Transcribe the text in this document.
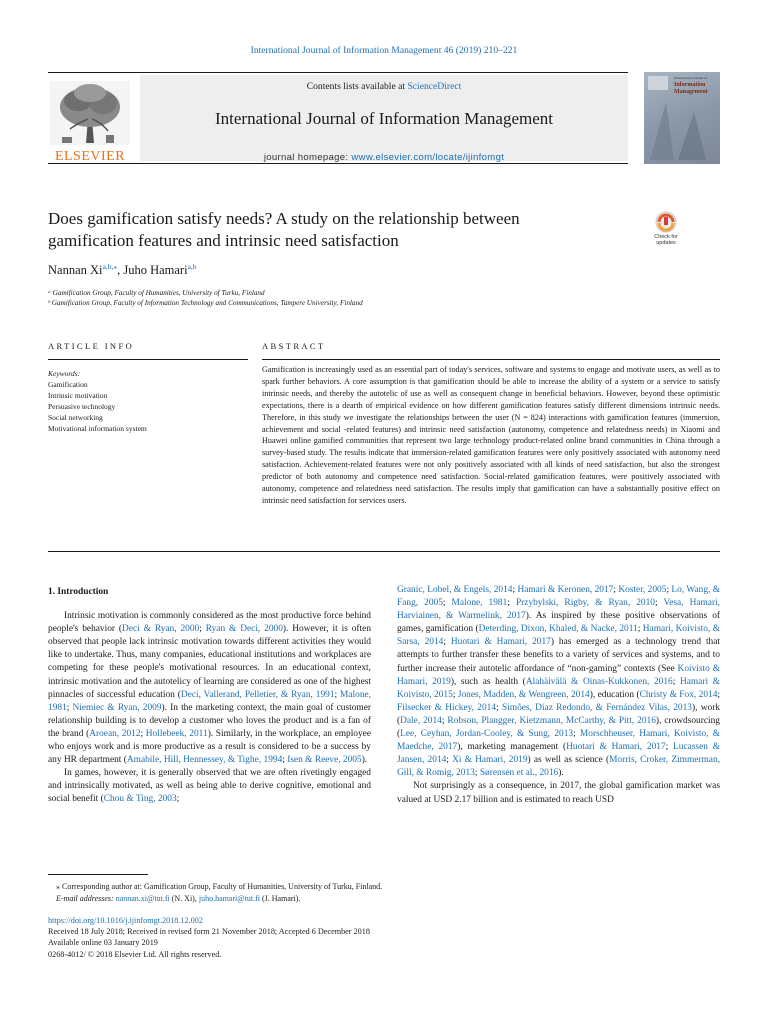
International Journal of Information Management 46 (2019) 210–221
ELSEVIER
Contents lists available at ScienceDirect
International Journal of Information Management
journal homepage: www.elsevier.com/locate/ijinfomgt
International Journal of
Information Management
Does gamification satisfy needs? A study on the relationship between
gamification features and intrinsic need satisfaction	Check for
updates
Nannan $Xi^{a,b,⁎}$, Juho Hamari$^{a,b}$
ᵃ Gamification Group, Faculty of Humanities, University of Turku, Finland
ᵇ Gamification Group, Faculty of Information Technology and Communications, Tampere University, Finland
ARTICLE INFO	ABSTRACT
Keywords:
Gamification
Intrinsic motivation
Persuasive technology
Social networking
Motivational information system
Gamification is increasingly used as an essential part of today's services, software and systems to engage and motivate users, as well as to spark further behaviors. A core assumption is that gamification should be able to increase the ability of a system or a service to satisfy intrinsic needs, and thereby the autotelic of use as well as consequent change in beneficial behaviors. However, beyond these optimistic expectations, there is a dearth of empirical evidence on how different gamification features satisfy different dimensions intrinsic needs. Therefore, in this study we investigate the relationships between the user (N = 824) interactions with gamification features (immersion, achievement and social -related features) and intrinsic need satisfaction (autonomy, competence and relatedness needs) in Xiaomi and Huawei online gamified communities that represent two large technology product-related online brand communities in China through a survey-based study. The results indicate that immersion-related gamification features were only positively associated with autonomy need satisfaction. Achievement-related features were not only positively associated with all kinds of need satisfaction, but also the strongest predictor of both autonomy and competence need satisfaction. Social-related gamification features, were positively associated with autonomy, competence and relatedness need satisfaction. The results imply that gamification can have a substantially positive effect on intrinsic need satisfaction for services users.
1. Introduction

Intrinsic motivation is commonly considered as the most productive force behind people's behavior (Deci & Ryan, 2000; Ryan & Deci, 2000). However, it is often observed that people lack intrinsic motivation towards different activities they would like to undertake. Thus, many companies, educational institutions and workplaces are competing for these people's motivational resources. In an educational context, intrinsic motivation and the autotelicy of learning are considered as one of the highest pinnacles of successful education (Deci, Vallerand, Pelletier, & Ryan, 1991; Malone, 1981; Niemiec & Ryan, 2009). In the marketing context, the main goal of customer relationship building is to develop a customer who loves the product and is a fan of the brand (Aroean, 2012; Hollebeek, 2011). Similarly, in the workplace, an employee who enjoys work and is more productive as a result is considered to be a success by any HR department (Amabile, Hill, Hennessey, & Tighe, 1994; Isen & Reeve, 2005).

In games, however, it is generally observed that we are often rivetingly engaged and intrinsically motivated, as well as being able to derive cognitive, emotional and social benefit (Chou & Ting, 2003;

Granic, Lobel, & Engels, 2014; Hamari & Keronen, 2017; Koster, 2005; Lo, Wang, & Fang, 2005; Malone, 1981; Przybylski, Rigby, & Ryan, 2010; Vesa, Hamari, Harviainen, & Warmelink, 2017). As inspired by these positive observations of games, gamification (Deterding, Dixon, Khaled, & Nacke, 2011; Hamari, Koivisto, & Sarsa, 2014; Huotari & Hamari, 2017) has emerged as a technology trend that attempts to further transfer these benefits to a variety of services and systems, and to further increase their autotelic affordance of “non-gaming” contexts (See Koivisto & Hamari, 2019), such as health (Alahäivälä & Oinas-Kukkonen, 2016; Hamari & Koivisto, 2015; Jones, Madden, & Wengreen, 2014), education (Christy & Fox, 2014; Filsecker & Hickey, 2014; Simões, Díaz Redondo, & Fernández Vilas, 2013), work (Dale, 2014; Robson, Plangger, Kietzmann, McCarthy, & Pitt, 2016), crowdsourcing (Lee, Ceyhan, Jordan-Cooley, & Sung, 2013; Morschheuser, Hamari, Koivisto, & Maedche, 2017), marketing management (Huotari & Hamari, 2017; Lucassen & Jansen, 2014; Xi & Hamari, 2019) as well as science (Morris, Croker, Zimmerman, Gill, & Romig, 2013; Sørensen et al., 2016).

Not surprisingly as a consequence, in 2017, the global gamification market was valued at USD 2.17 billion and is estimated to reach USD

⁎ Corresponding author at: Gamification Group, Faculty of Humanities, University of Turku, Finland.
E-mail addresses: nannan.xi@tut.fi (N. Xi), juho.hamari@tut.fi (J. Hamari).
https://doi.org/10.1016/j.ijinfomgt.2018.12.002
Received 18 July 2018; Received in revised form 21 November 2018; Accepted 6 December 2018
Available online 03 January 2019
0268-4012/ © 2018 Elsevier Ltd. All rights reserved.
